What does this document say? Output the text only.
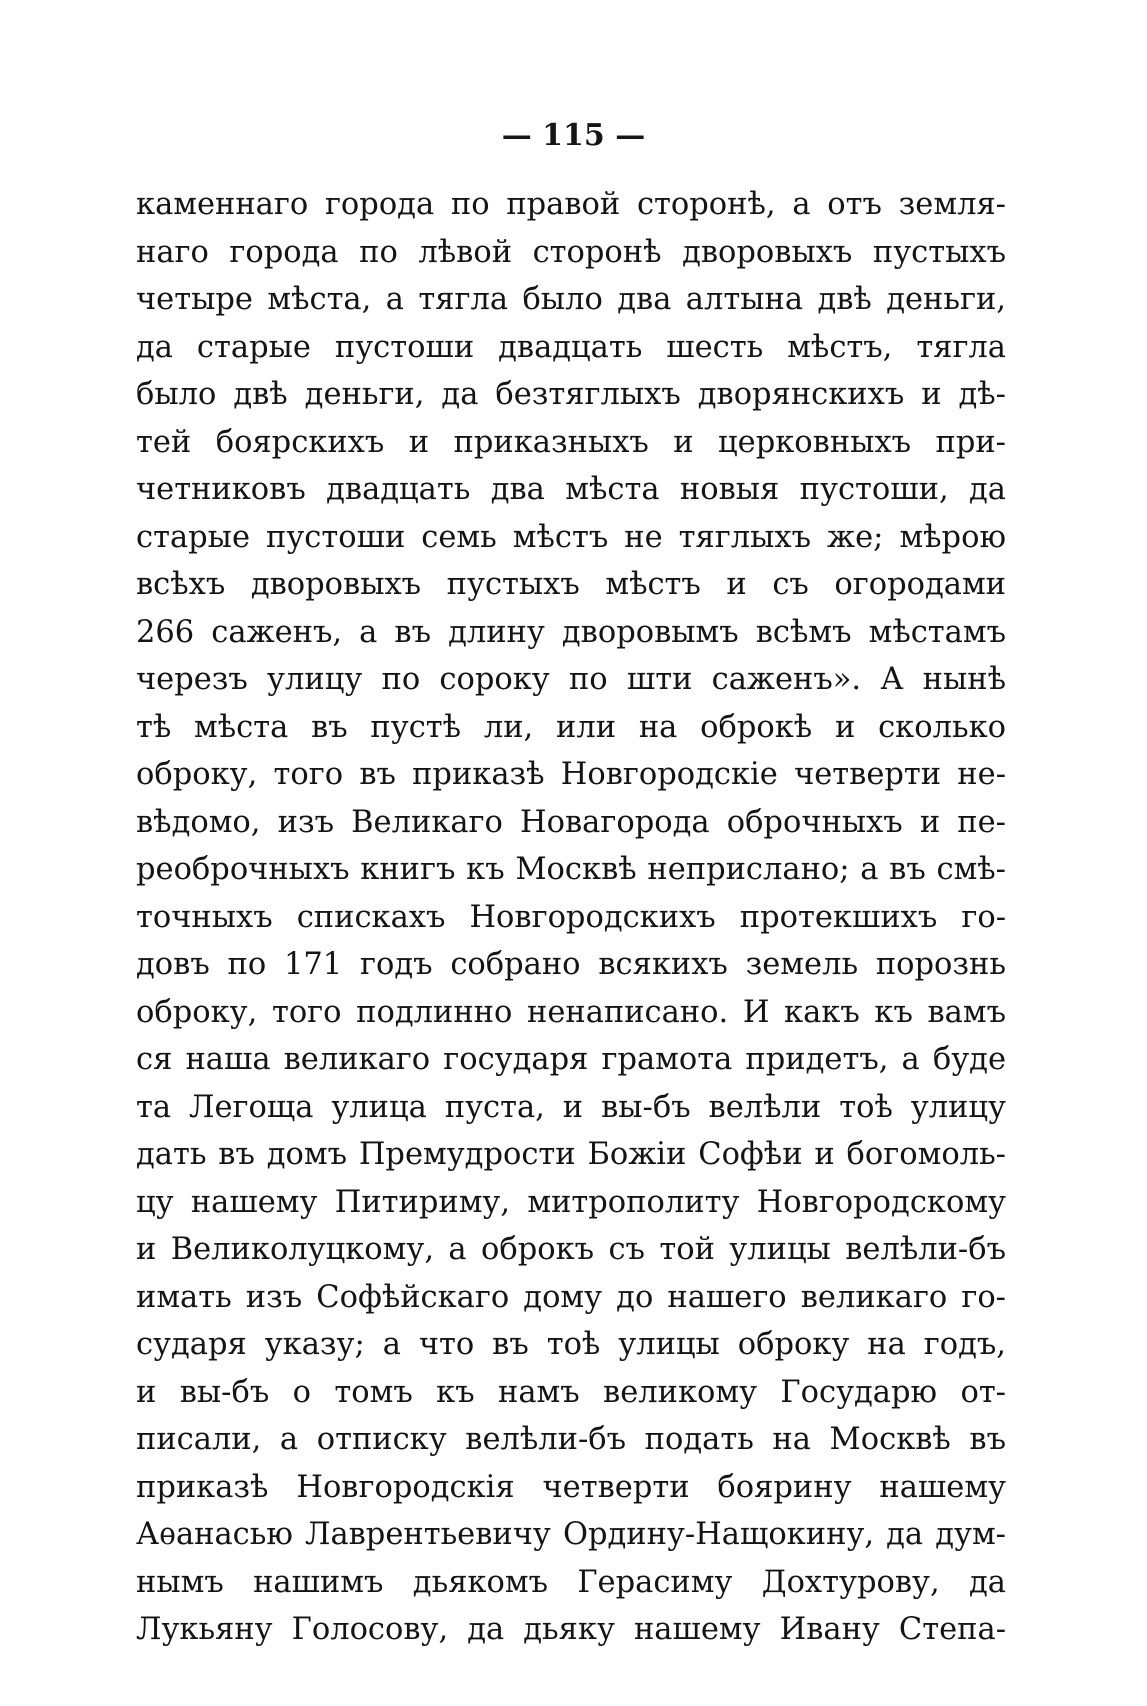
— 115 —
каменнаго города по правой сторонѣ, а отъ земля-
наго города по лѣвой сторонѣ дворовыхъ пустыхъ
четыре мѣста, а тягла было два алтына двѣ деньги,
да старые пустоши двадцать шесть мѣстъ, тягла
было двѣ деньги, да безтяглыхъ дворянскихъ и дѣ-
тей боярскихъ и приказныхъ и церковныхъ при-
четниковъ двадцать два мѣста новыя пустоши, да
старые пустоши семь мѣстъ не тяглыхъ же; мѣрою
всѣхъ дворовыхъ пустыхъ мѣстъ и съ огородами
266 саженъ, а въ длину дворовымъ всѣмъ мѣстамъ
черезъ улицу по сороку по шти саженъ». А нынѣ
тѣ мѣста въ пустѣ ли, или на оброкѣ и сколько
оброку, того въ приказѣ Новгородскіе четверти не-
вѣдомо, изъ Великаго Новагорода оброчныхъ и пе-
реоброчныхъ книгъ къ Москвѣ неприслано; а въ смѣ-
точныхъ спискахъ Новгородскихъ протекшихъ го-
довъ по 171 годъ собрано всякихъ земель порознь
оброку, того подлинно ненаписано. И какъ къ вамъ
ся наша великаго государя грамота придетъ, а буде
та Легоща улица пуста, и вы-бъ велѣли тоѣ улицу
дать въ домъ Премудрости Божіи Софѣи и богомоль-
цу нашему Питириму, митрополиту Новгородскому
и Великолуцкому, а оброкъ съ той улицы велѣли-бъ
имать изъ Софѣйскаго дому до нашего великаго го-
сударя указу; а что въ тоѣ улицы оброку на годъ,
и вы-бъ о томъ къ намъ великому Государю от-
писали, а отписку велѣли-бъ подать на Москвѣ въ
приказѣ Новгородскія четверти боярину нашему
Аѳанасью Лаврентьевичу Ордину-Нащокину, да дум-
нымъ нашимъ дьякомъ Герасиму Дохтурову, да
Лукьяну Голосову, да дьяку нашему Ивану Степа-
